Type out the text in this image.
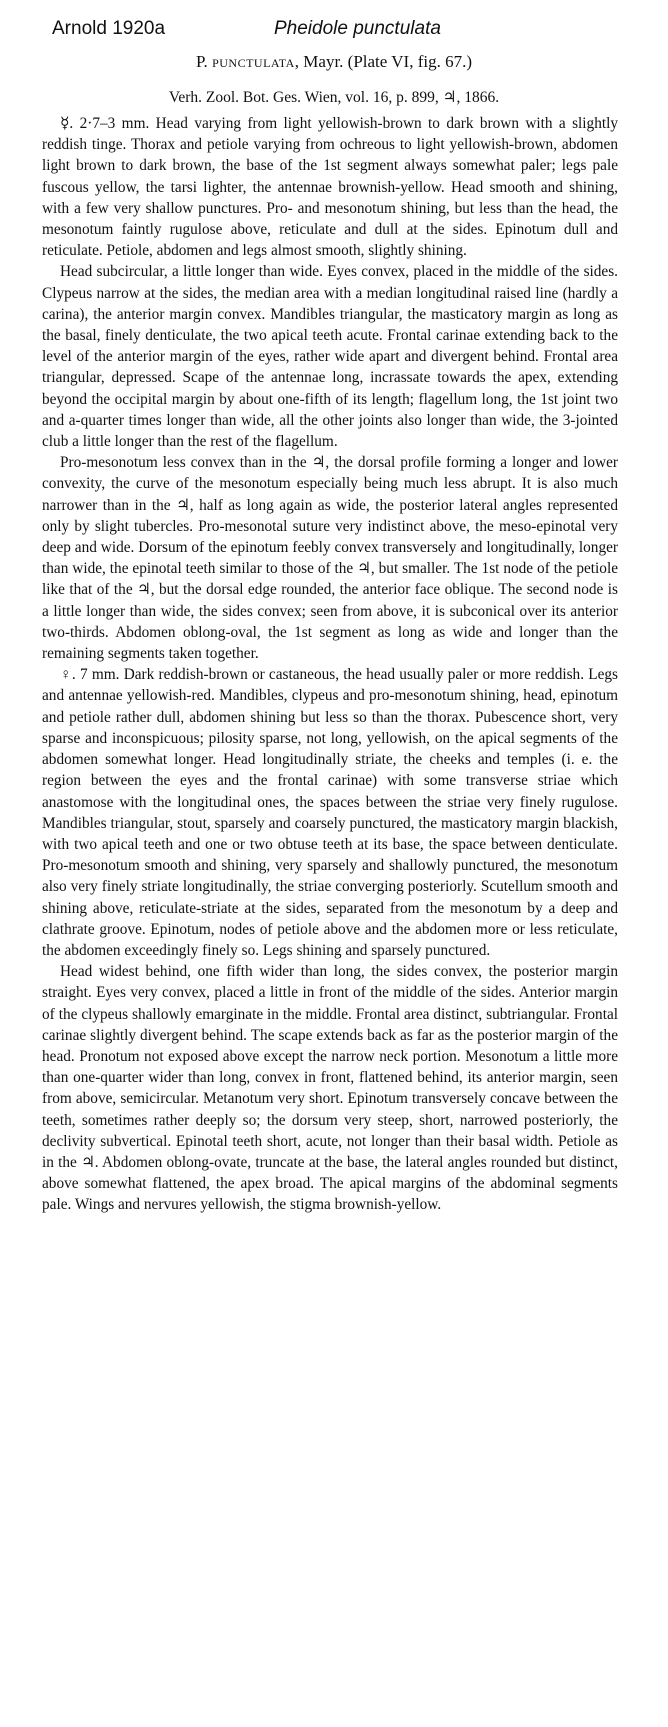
Arnold 1920a	Pheidole punctulata
P. punctulata, Mayr. (Plate VI, fig. 67.)
Verh. Zool. Bot. Ges. Wien, vol. 16, p. 899, ♃, 1866.

☿. 2·7–3 mm. Head varying from light yellowish-brown to dark brown with a slightly reddish tinge. Thorax and petiole varying from ochreous to light yellowish-brown, abdomen light brown to dark brown, the base of the 1st segment always somewhat paler; legs pale fuscous yellow, the tarsi lighter, the antennae brownish-yellow. Head smooth and shining, with a few very shallow punctures. Pro- and mesonotum shining, but less than the head, the mesonotum faintly rugulose above, reticulate and dull at the sides. Epinotum dull and reticulate. Petiole, abdomen and legs almost smooth, slightly shining.

Head subcircular, a little longer than wide. Eyes convex, placed in the middle of the sides. Clypeus narrow at the sides, the median area with a median longitudinal raised line (hardly a carina), the anterior margin convex. Mandibles triangular, the masticatory margin as long as the basal, finely denticulate, the two apical teeth acute. Frontal carinae extending back to the level of the anterior margin of the eyes, rather wide apart and divergent behind. Frontal area triangular, depressed. Scape of the antennae long, incrassate towards the apex, extending beyond the occipital margin by about one-fifth of its length; flagellum long, the 1st joint two and a-quarter times longer than wide, all the other joints also longer than wide, the 3-jointed club a little longer than the rest of the flagellum.

Pro-mesonotum less convex than in the ♃, the dorsal profile forming a longer and lower convexity, the curve of the mesonotum especially being much less abrupt. It is also much narrower than in the ♃, half as long again as wide, the posterior lateral angles represented only by slight tubercles. Pro-mesonotal suture very indistinct above, the meso-epinotal very deep and wide. Dorsum of the epinotum feebly convex transversely and longitudinally, longer than wide, the epinotal teeth similar to those of the ♃, but smaller. The 1st node of the petiole like that of the ♃, but the dorsal edge rounded, the anterior face oblique. The second node is a little longer than wide, the sides convex; seen from above, it is subconical over its anterior two-thirds. Abdomen oblong-oval, the 1st segment as long as wide and longer than the remaining segments taken together.

♀. 7 mm. Dark reddish-brown or castaneous, the head usually paler or more reddish. Legs and antennae yellowish-red. Mandibles, clypeus and pro-mesonotum shining, head, epinotum and petiole rather dull, abdomen shining but less so than the thorax. Pubescence short, very sparse and inconspicuous; pilosity sparse, not long, yellowish, on the apical segments of the abdomen somewhat longer. Head longitudinally striate, the cheeks and temples (i. e. the region between the eyes and the frontal carinae) with some transverse striae which anastomose with the longitudinal ones, the spaces between the striae very finely rugulose. Mandibles triangular, stout, sparsely and coarsely punctured, the masticatory margin blackish, with two apical teeth and one or two obtuse teeth at its base, the space between denticulate. Pro-mesonotum smooth and shining, very sparsely and shallowly punctured, the mesonotum also very finely striate longitudinally, the striae converging posteriorly. Scutellum smooth and shining above, reticulate-striate at the sides, separated from the mesonotum by a deep and clathrate groove. Epinotum, nodes of petiole above and the abdomen more or less reticulate, the abdomen exceedingly finely so. Legs shining and sparsely punctured.

Head widest behind, one fifth wider than long, the sides convex, the posterior margin straight. Eyes very convex, placed a little in front of the middle of the sides. Anterior margin of the clypeus shallowly emarginate in the middle. Frontal area distinct, subtriangular. Frontal carinae slightly divergent behind. The scape extends back as far as the posterior margin of the head. Pronotum not exposed above except the narrow neck portion. Mesonotum a little more than one-quarter wider than long, convex in front, flattened behind, its anterior margin, seen from above, semicircular. Metanotum very short. Epinotum transversely concave between the teeth, sometimes rather deeply so; the dorsum very steep, short, narrowed posteriorly, the declivity subvertical. Epinotal teeth short, acute, not longer than their basal width. Petiole as in the ♃. Abdomen oblong-ovate, truncate at the base, the lateral angles rounded but distinct, above somewhat flattened, the apex broad. The apical margins of the abdominal segments pale. Wings and nervures yellowish, the stigma brownish-yellow.
